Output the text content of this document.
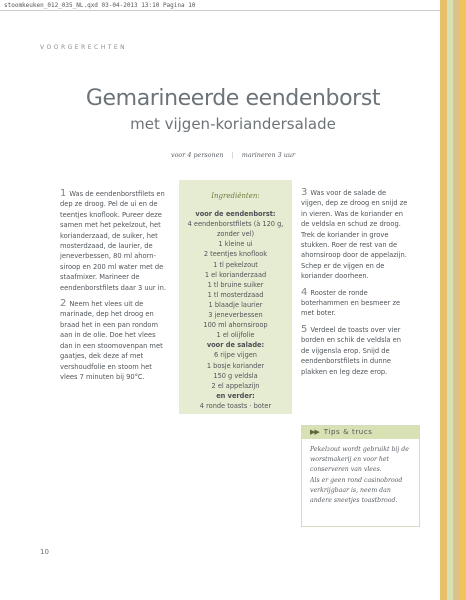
stoomkeuken_012_035_NL.qxd 03-04-2013 13:10 Pagina 10
VOORGERECHTEN
Gemarineerde eendenborst
met vijgen-koriandersalade
voor 4 personen | marineren 3 uur

1 Was de eendenborstfilets en dep ze droog. Pel de ui en de teentjes knoflook. Pureer deze samen met het pekelzout, het korianderzaad, de suiker, het mosterdzaad, de laurier, de jeneverbessen, 80 ml ahornsiroop en 200 ml water met de staafmixer. Marineer de eendenborstfilets daar 3 uur in.

2 Neem het vlees uit de marinade, dep het droog en braad het in een pan rondom aan in de olie. Doe het vlees dan in een stoomovenpan met gaatjes, dek deze af met vershoudfolie en stoom het vlees 7 minuten bij 90°C.

Ingrediënten:
voor de eendenborst:
4 eendenborstfilets (à 120 g,
zonder vel)
1 kleine ui
2 teentjes knoflook
1 tl pekelzout
1 el korianderzaad
1 tl bruine suiker
1 tl mosterdzaad
1 blaadje laurier
3 jeneverbessen
100 ml ahornsiroop
1 el olijfolie
voor de salade:
6 rijpe vijgen
1 bosje koriander
150 g veldsla
2 el appelazijn
en verder:
4 ronde toasts · boter

3 Was voor de salade de vijgen, dep ze droog en snijd ze in vieren. Was de koriander en de veldsla en schud ze droog. Trek de koriander in grove stukken. Roer de rest van de ahornsiroop door de appelazijn. Schep er de vijgen en de koriander doorheen.

4 Rooster de ronde boterhammen en besmeer ze met boter.

5 Verdeel de toasts over vier borden en schik de veldsla en de vijgensla erop. Snijd de eendenborstfilets in dunne plakken en leg deze erop.

▶▶ Tips & trucs
Pekelzout wordt gebruikt bij de worstmakerij en voor het conserveren van vlees.
Als er geen rond casinobrood verkrijgbaar is, neem dan andere sneetjes toastbrood.
10
